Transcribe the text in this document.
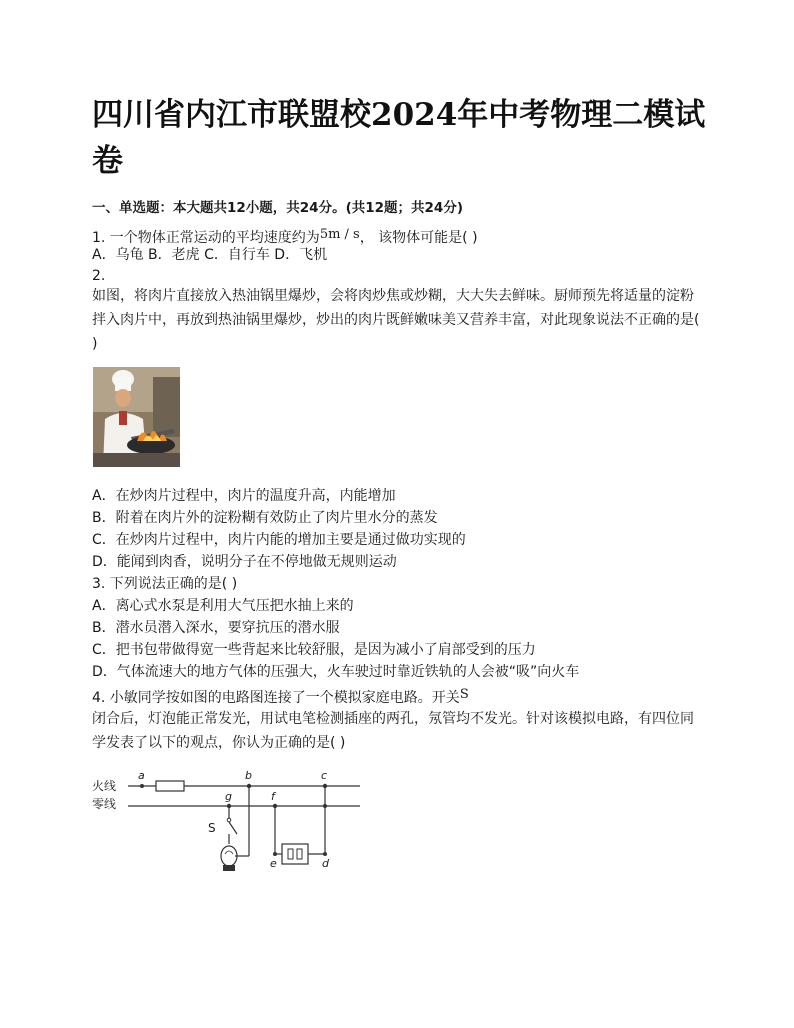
四川省内江市联盟校2024年中考物理二模试卷
一、单选题：本大题共12小题，共24分。(共12题；共24分)
1. 一个物体正常运动的平均速度约为5m / s， 该物体可能是( )
A．乌龟 B．老虎 C．自行车 D．飞机
2.
如图，将肉片直接放入热油锅里爆炒，会将肉炒焦或炒糊，大大失去鲜味。厨师预先将适量的淀粉拌入肉片中，再放到热油锅里爆炒，炒出的肉片既鲜嫩味美又营养丰富，对此现象说法不正确的是( )
A．在炒肉片过程中，肉片的温度升高，内能增加
B．附着在肉片外的淀粉糊有效防止了肉片里水分的蒸发
C．在炒肉片过程中，肉片内能的增加主要是通过做功实现的
D．能闻到肉香，说明分子在不停地做无规则运动
3. 下列说法正确的是( )
A．离心式水泵是利用大气压把水抽上来的
B．潜水员潜入深水，要穿抗压的潜水服
C．把书包带做得宽一些背起来比较舒服，是因为减小了肩部受到的压力
D．气体流速大的地方气体的压强大，火车驶过时靠近铁轨的人会被“吸”向火车
4. 小敏同学按如图的电路图连接了一个模拟家庭电路。开关S
闭合后，灯泡能正常发光，用试电笔检测插座的两孔，氖管均不发光。针对该模拟电路，有四位同学发表了以下的观点，你认为正确的是( )
火线
零线
a	b
g
S
f
e
c
d
